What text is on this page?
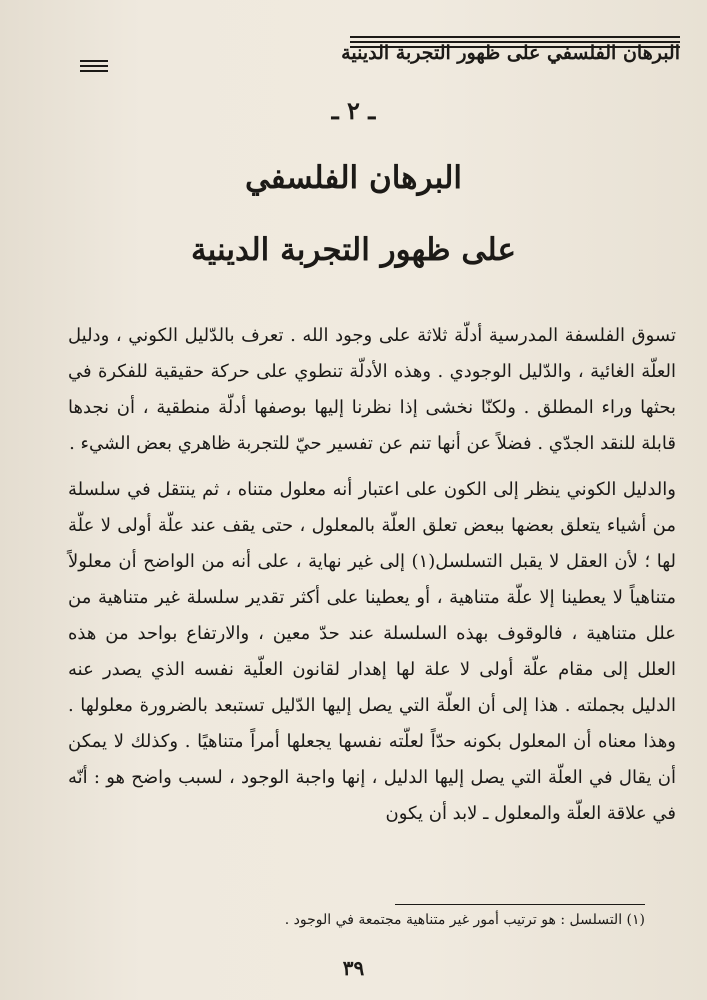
البرهان الفلسفي على ظهور التجربة الدينية
ـ ٢ ـ
البرهان الفلسفي
على ظهور التجربة الدينية

تسوق الفلسفة المدرسية أدلّة ثلاثة على وجود الله . تعرف بالدّليل الكوني ، ودليل العلّة الغائية ، والدّليل الوجودي . وهذه الأدلّة تنطوي على حركة حقيقية للفكرة في بحثها وراء المطلق . ولكنّا نخشى إذا نظرنا إليها بوصفها أدلّة منطقية ، أن نجدها قابلة للنقد الجدّي . فضلاً عن أنها تنم عن تفسير حيّ للتجربة ظاهري بعض الشيء .

والدليل الكوني ينظر إلى الكون على اعتبار أنه معلول متناه ، ثم ينتقل في سلسلة من أشياء يتعلق بعضها ببعض تعلق العلّة بالمعلول ، حتى يقف عند علّة أولى لا علّة لها ؛ لأن العقل لا يقبل التسلسل(١) إلى غير نهاية ، على أنه من الواضح أن معلولاً متناهياً لا يعطينا إلا علّة متناهية ، أو يعطينا على أكثر تقدير سلسلة غير متناهية من علل متناهية ، فالوقوف بهذه السلسلة عند حدّ معين ، والارتفاع بواحد من هذه العلل إلى مقام علّة أولى لا علة لها إهدار لقانون العلّية نفسه الذي يصدر عنه الدليل بجملته . هذا إلى أن العلّة التي يصل إليها الدّليل تستبعد بالضرورة معلولها . وهذا معناه أن المعلول بكونه حدّاً لعلّته نفسها يجعلها أمراً متناهيًا . وكذلك لا يمكن أن يقال في العلّة التي يصل إليها الدليل ، إنها واجبة الوجود ، لسبب واضح هو : أنّه في علاقة العلّة والمعلول ـ لابد أن يكون

(١) التسلسل : هو ترتيب أمور غير متناهية مجتمعة في الوجود .
٣٩
